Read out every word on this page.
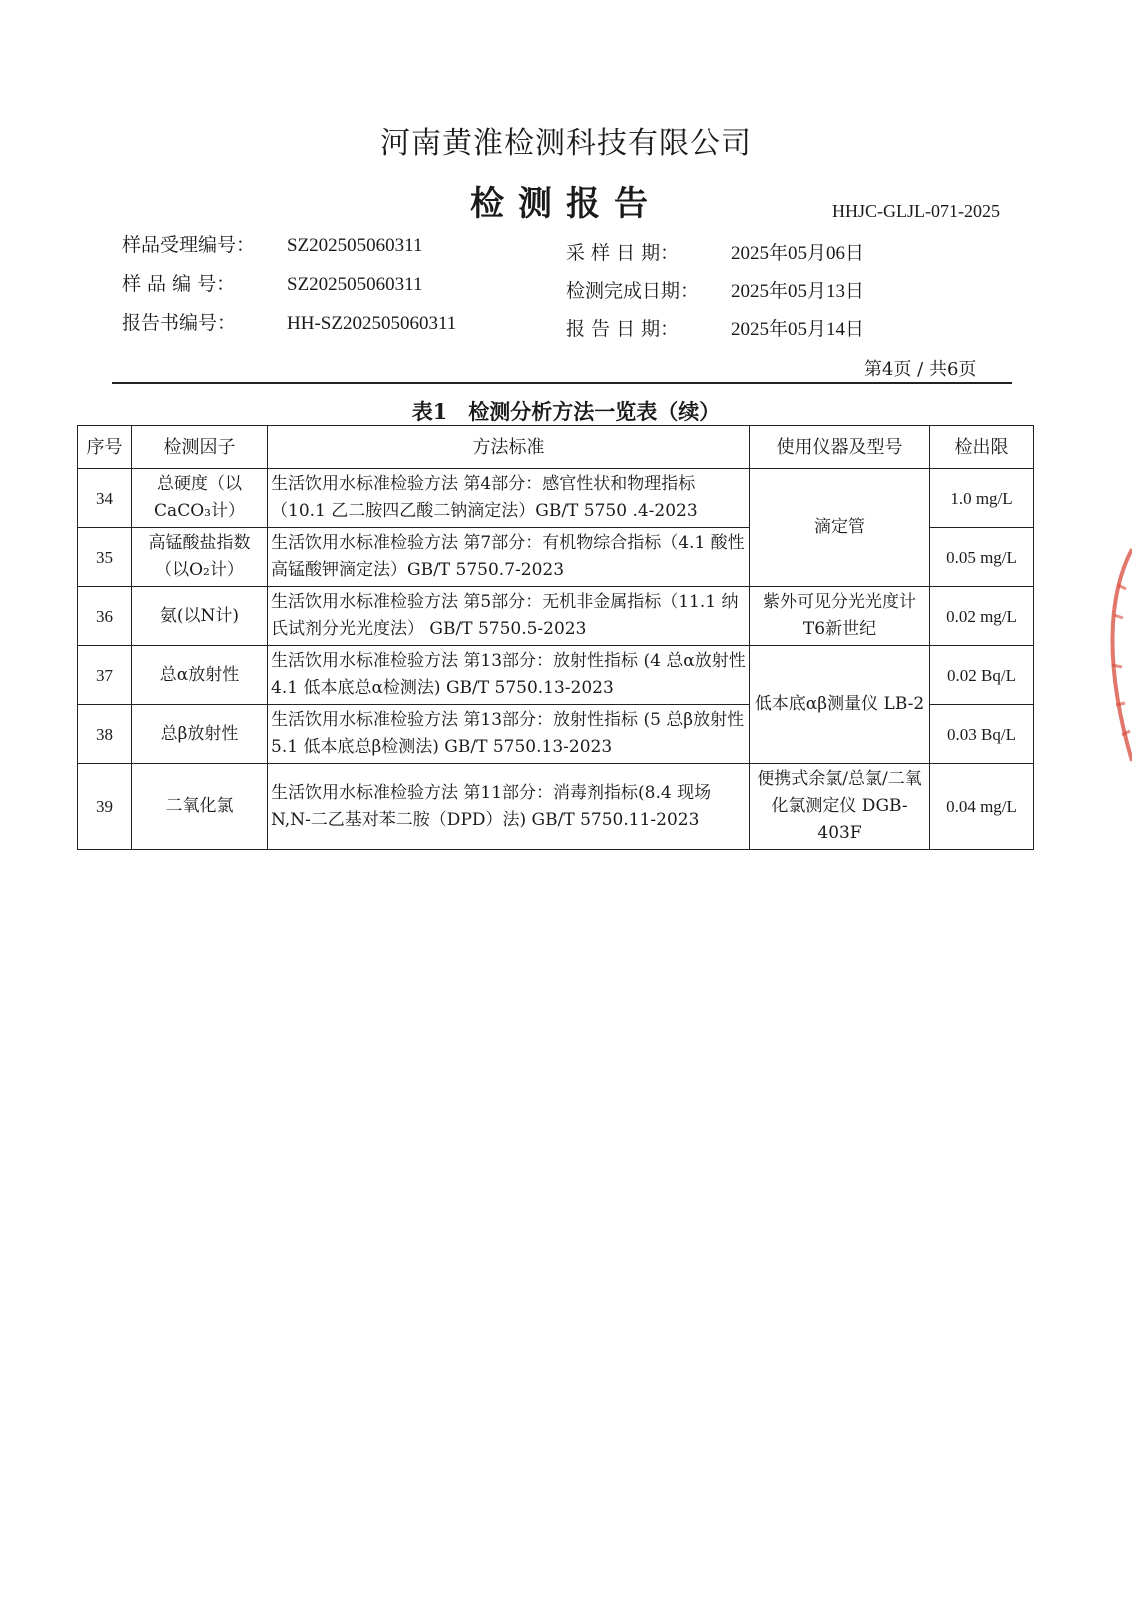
河南黄淮检测科技有限公司
检测报告	HHJC-GLJL-071-2025
样品受理编号： SZ202505060311
样 品 编 号：	SZ202505060311
报告书编号：	HH-SZ202505060311
采 样 日 期：	2025年05月06日
检测完成日期： 2025年05月13日
报 告 日 期：	2025年05月14日
第4页 / 共6页
表1　检测分析方法一览表（续）
序号	检测因子	方法标准	使用仪器及型号	检出限
34	总硬度（以CaCO₃计）	生活饮用水标准检验方法 第4部分：感官性状和物理指标（10.1 乙二胺四乙酸二钠滴定法）GB/T 5750 .4-2023	滴定管	1.0 mg/L
35	高锰酸盐指数（以O₂计）	生活饮用水标准检验方法 第7部分：有机物综合指标（4.1 酸性高锰酸钾滴定法）GB/T 5750.7-2023		0.05 mg/L
36	氨(以N计)	生活饮用水标准检验方法 第5部分：无机非金属指标（11.1 纳氏试剂分光光度法） GB/T 5750.5-2023	紫外可见分光光度计 T6新世纪	0.02 mg/L
37	总α放射性	生活饮用水标准检验方法 第13部分：放射性指标 (4 总α放射性 4.1 低本底总α检测法) GB/T 5750.13-2023	低本底αβ测量仪 LB-2	0.02 Bq/L
38	总β放射性	生活饮用水标准检验方法 第13部分：放射性指标 (5 总β放射性 5.1 低本底总β检测法) GB/T 5750.13-2023		0.03 Bq/L
39	二氧化氯	生活饮用水标准检验方法 第11部分：消毒剂指标(8.4 现场N,N-二乙基对苯二胺（DPD）法) GB/T 5750.11-2023	便携式余氯/总氯/二氧化氯测定仪 DGB-403F	0.04 mg/L
